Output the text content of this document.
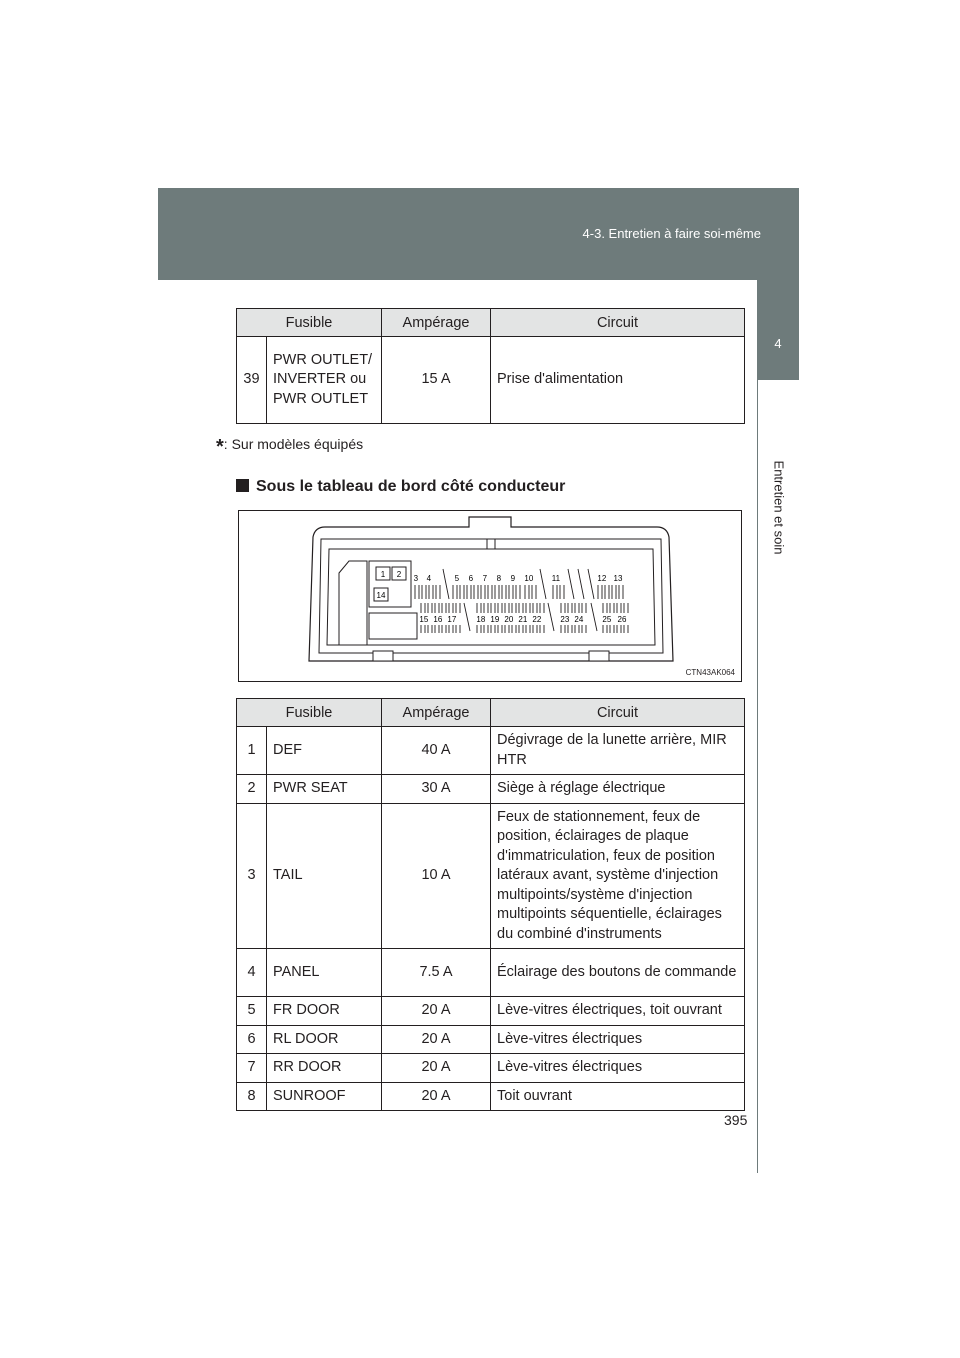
4-3. Entretien à faire soi-même
4
Entretien et soin
Fusible		Ampérage	Circuit
39	PWR OUTLET/ INVERTER ou PWR OUTLET	15 A	Prise d'alimentation
*: Sur modèles équipés
Sous le tableau de bord côté conducteur
1 2
14
3 4	5 6 7 8 9 10 11	12 13
15 16 17	18 19 20 21 22 23 24 25 26
CTN43AK064
Fusible		Ampérage	Circuit
1	DEF	40 A	Dégivrage de la lunette arrière, MIR HTR
2	PWR SEAT	30 A	Siège à réglage électrique
3	TAIL	10 A	Feux de stationnement, feux de position, éclairages de plaque d'immatriculation, feux de position latéraux avant, système d'injection multipoints/système d'injection multipoints séquentielle, éclairages du combiné d'instruments
4	PANEL	7.5 A	Éclairage des boutons de commande
5	FR DOOR	20 A	Lève-vitres électriques, toit ouvrant
6	RL DOOR	20 A	Lève-vitres électriques
7	RR DOOR	20 A	Lève-vitres électriques
8	SUNROOF	20 A	Toit ouvrant
395
